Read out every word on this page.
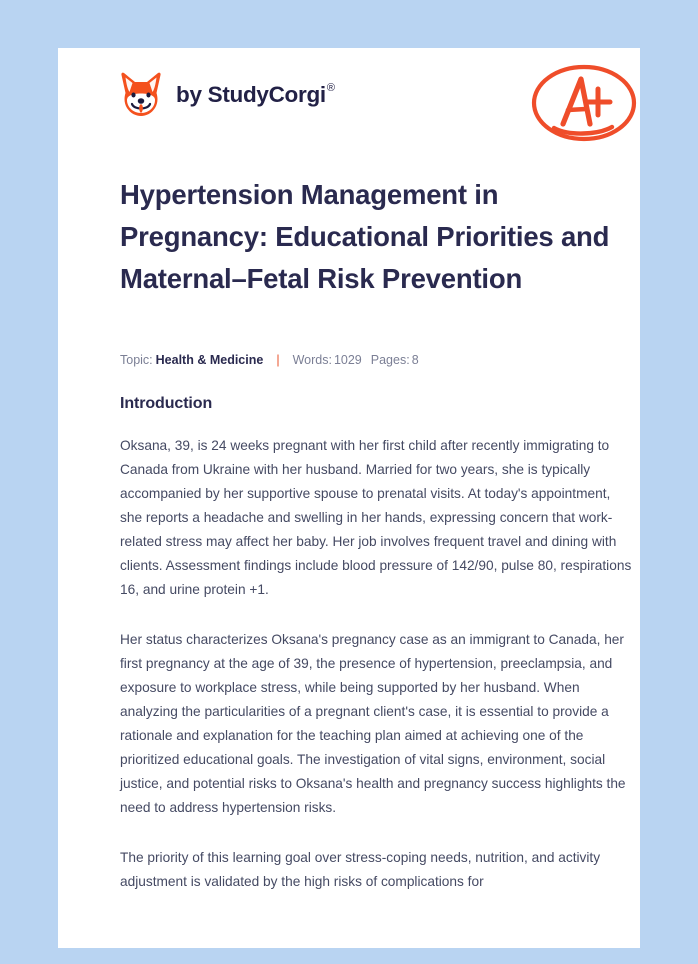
by StudyCorgi®
Hypertension Management in Pregnancy: Educational Priorities and Maternal–Fetal Risk Prevention
Topic: Health & Medicine | Words: 1029 Pages: 8
Introduction

Oksana, 39, is 24 weeks pregnant with her first child after recently immigrating to Canada from Ukraine with her husband. Married for two years, she is typically accompanied by her supportive spouse to prenatal visits. At today's appointment, she reports a headache and swelling in her hands, expressing concern that work-related stress may affect her baby. Her job involves frequent travel and dining with clients. Assessment findings include blood pressure of 142/90, pulse 80, respirations 16, and urine protein +1.

Her status characterizes Oksana's pregnancy case as an immigrant to Canada, her first pregnancy at the age of 39, the presence of hypertension, preeclampsia, and exposure to workplace stress, while being supported by her husband. When analyzing the particularities of a pregnant client's case, it is essential to provide a rationale and explanation for the teaching plan aimed at achieving one of the prioritized educational goals. The investigation of vital signs, environment, social justice, and potential risks to Oksana's health and pregnancy success highlights the need to address hypertension risks.

The priority of this learning goal over stress-coping needs, nutrition, and activity adjustment is validated by the high risks of complications for
